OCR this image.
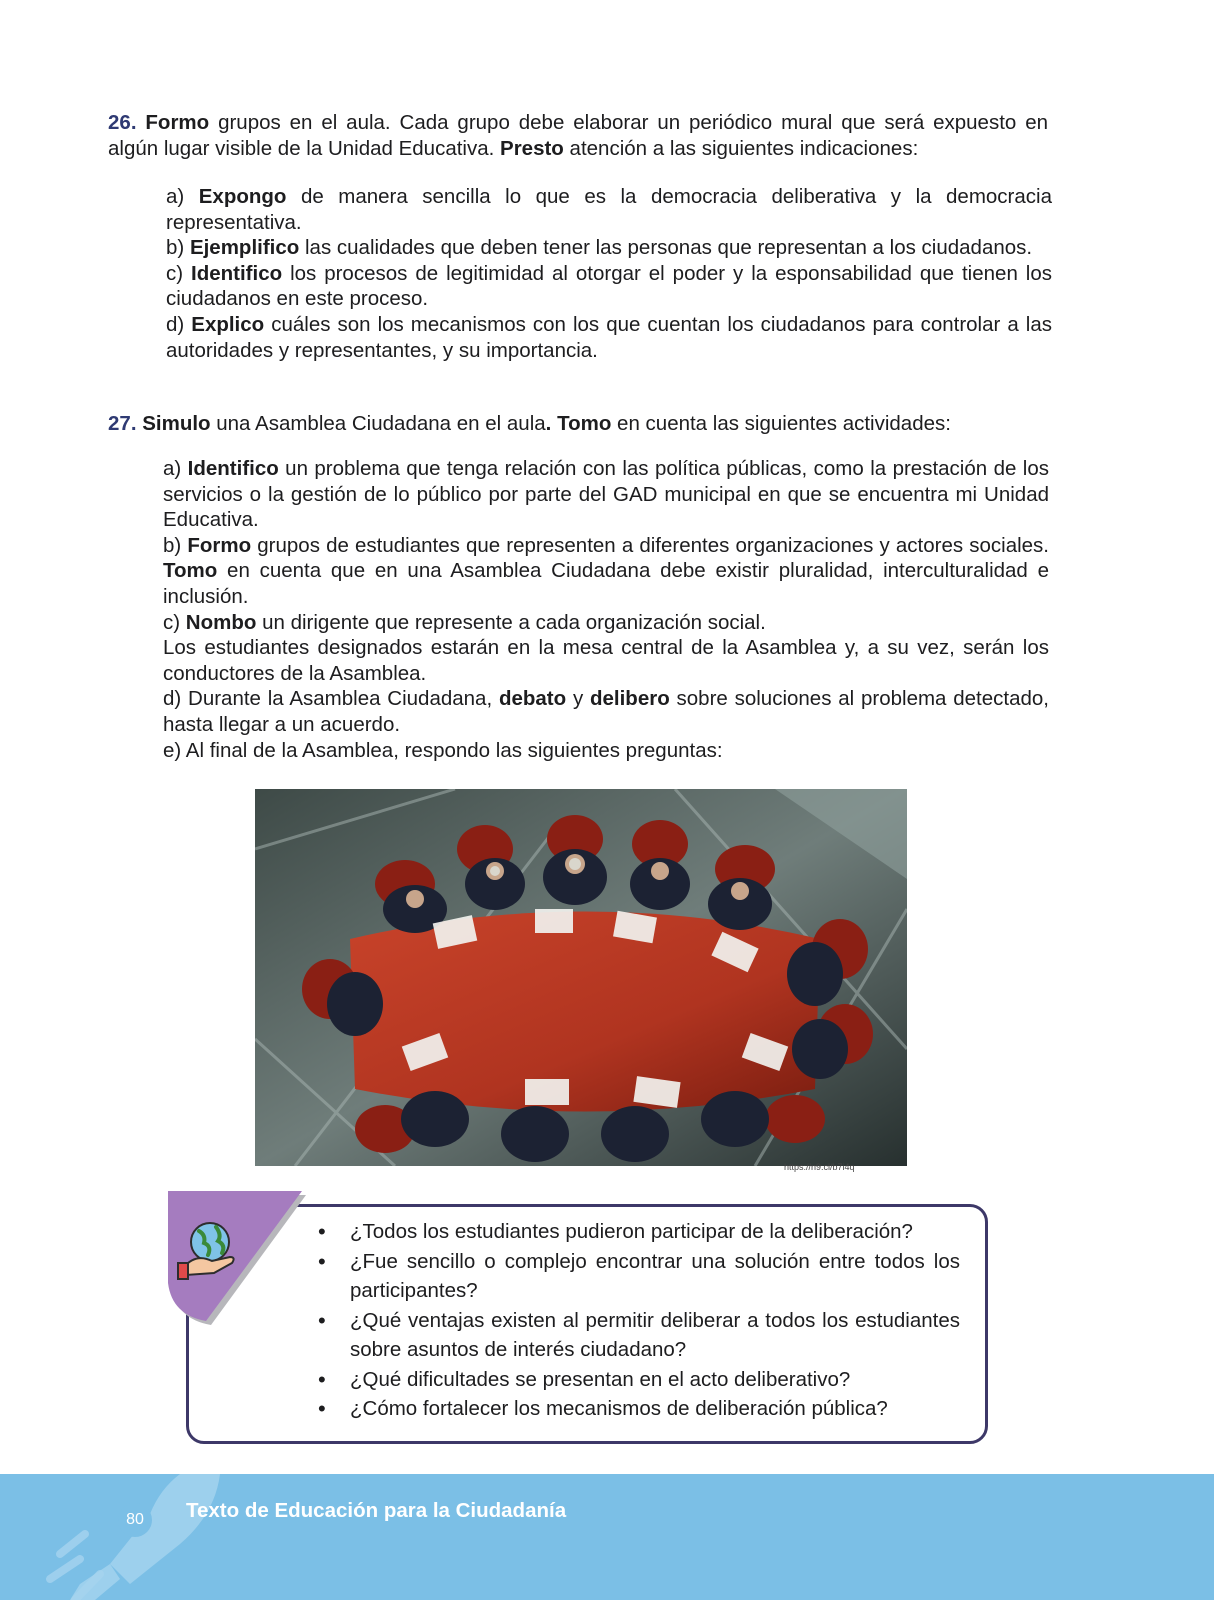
26. Formo grupos en el aula. Cada grupo debe elaborar un periódico mural que será expuesto en algún lugar visible de la Unidad Educativa. Presto atención a las siguientes indicaciones:

a) Expongo de manera sencilla lo que es la democracia deliberativa y la democracia representativa.

b) Ejemplifico las cualidades que deben tener las personas que representan a los ciudadanos.

c) Identifico los procesos de legitimidad al otorgar el poder y la esponsabilidad que tienen los ciudadanos en este proceso.

d) Explico cuáles son los mecanismos con los que cuentan los ciudadanos para controlar a las autoridades y representantes, y su importancia.

27. Simulo una Asamblea Ciudadana en el aula. Tomo en cuenta las siguientes actividades:

a) Identifico un problema que tenga relación con las política públicas, como la prestación de los servicios o la gestión de lo público por parte del GAD municipal en que se encuentra mi Unidad Educativa.

b) Formo grupos de estudiantes que representen a diferentes organizaciones y actores sociales. Tomo en cuenta que en una Asamblea Ciudadana debe existir pluralidad, interculturalidad e inclusión.

c) Nombo un dirigente que represente a cada organización social.

Los estudiantes designados estarán en la mesa central de la Asamblea y, a su vez, serán los conductores de la Asamblea.

d) Durante la Asamblea Ciudadana, debato y delibero sobre soluciones al problema detectado, hasta llegar a un acuerdo.

e) Al final de la Asamblea, respondo las siguientes preguntas:

https://n9.cl/b7i4q
• ¿Todos los estudiantes pudieron participar de la deliberación?
• ¿Fue sencillo o complejo encontrar una solución entre todos los participantes?
• ¿Qué ventajas existen al permitir deliberar a todos los estudiantes sobre asuntos de interés ciudadano?
• ¿Qué dificultades se presentan en el acto deliberativo?
• ¿Cómo fortalecer los mecanismos de deliberación pública?
80	Texto de Educación para la Ciudadanía
